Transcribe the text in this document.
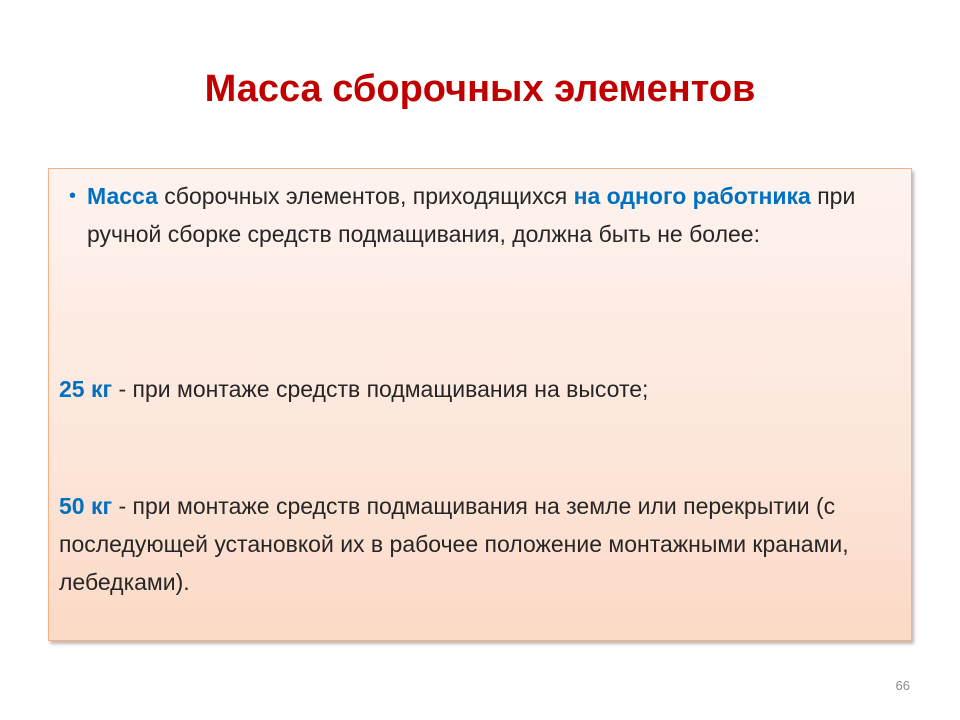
Масса сборочных элементов
• Масса сборочных элементов, приходящихся на одного работника при ручной сборке средств подмащивания, должна быть не более:
25 кг - при монтаже средств подмащивания на высоте;
50 кг - при монтаже средств подмащивания на земле или перекрытии (с последующей установкой их в рабочее положение монтажными кранами, лебедками).
66
